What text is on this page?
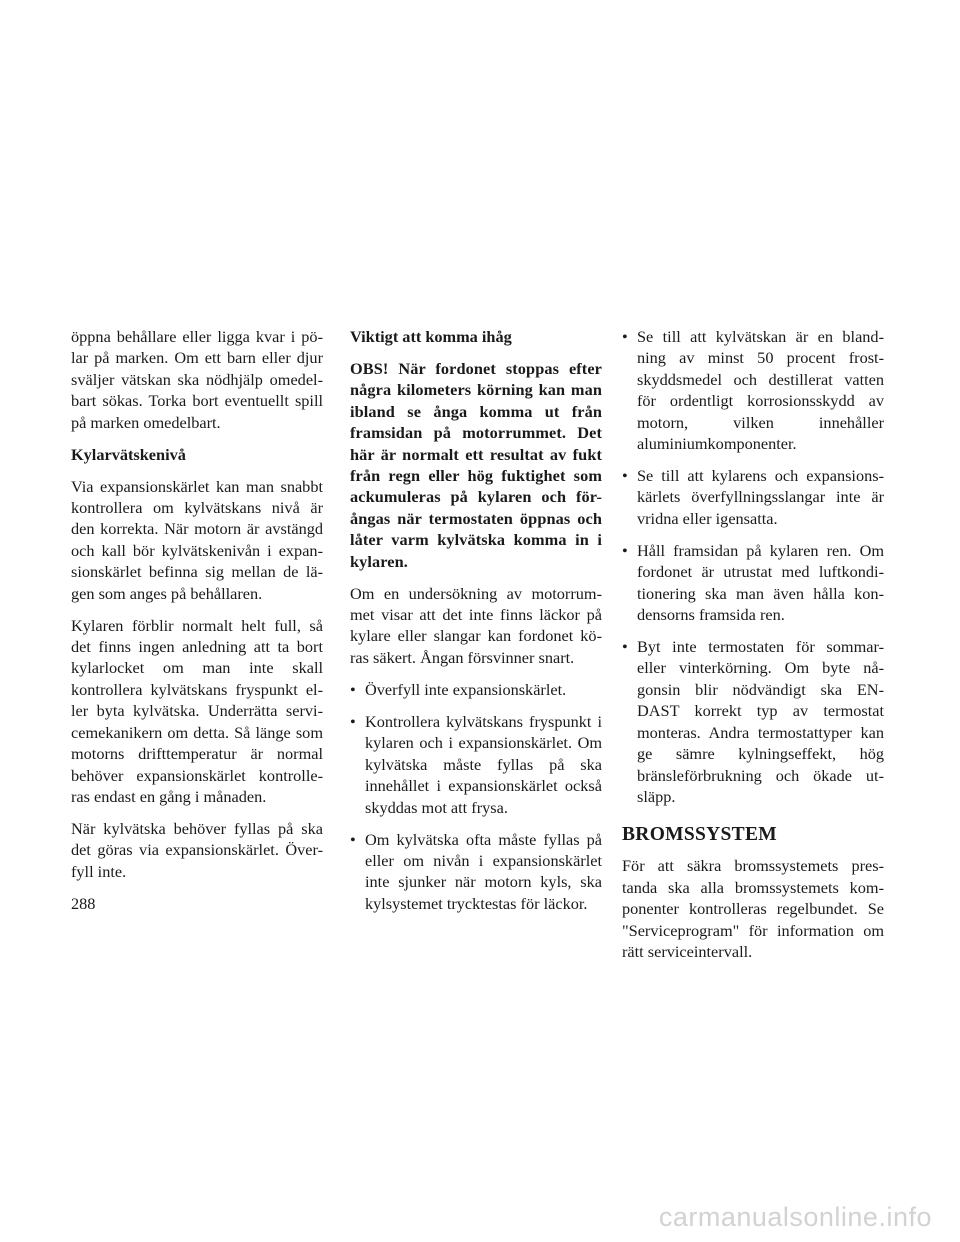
öppna behållare eller ligga kvar i pö- lar på marken. Om ett barn eller djur sväljer vätskan ska nödhjälp omedel- bart sökas. Torka bort eventuellt spill på marken omedelbart.

Kylarvätskenivå

Via expansionskärlet kan man snabbt kontrollera om kylvätskans nivå är den korrekta. När motorn är avstängd och kall bör kylvätskenivån i expan- sionskärlet befinna sig mellan de lä- gen som anges på behållaren.

Kylaren förblir normalt helt full, så det finns ingen anledning att ta bort kylarlocket om man inte skall kontrollera kylvätskans fryspunkt el- ler byta kylvätska. Underrätta servi- cemekanikern om detta. Så länge som motorns drifttemperatur är normal behöver expansionskärlet kontrolle- ras endast en gång i månaden.

När kylvätska behöver fyllas på ska det göras via expansionskärlet. Över- fyll inte.

Viktigt att komma ihåg

OBS! När fordonet stoppas efter några kilometers körning kan man ibland se ånga komma ut från framsidan på motorrummet. Det här är normalt ett resultat av fukt från regn eller hög fuktighet som ackumuleras på kylaren och för- ångas när termostaten öppnas och låter varm kylvätska komma in i kylaren.

Om en undersökning av motorrum- met visar att det inte finns läckor på kylare eller slangar kan fordonet kö- ras säkert. Ångan försvinner snart.

• Överfyll inte expansionskärlet.
• Kontrollera kylvätskans fryspunkt i kylaren och i expansionskärlet. Om kylvätska måste fyllas på ska innehållet i expansionskärlet också skyddas mot att frysa.
• Om kylvätska ofta måste fyllas på eller om nivån i expansionskärlet inte sjunker när motorn kyls, ska kylsystemet trycktestas för läckor.
• Se till att kylvätskan är en bland- ning av minst 50 procent frost- skyddsmedel och destillerat vatten för ordentligt korrosionsskydd av motorn, vilken innehåller aluminiumkomponenter.
• Se till att kylarens och expansions- kärlets överfyllningsslangar inte är vridna eller igensatta.
• Håll framsidan på kylaren ren. Om fordonet är utrustat med luftkondi- tionering ska man även hålla kon- densorns framsida ren.
• Byt inte termostaten för sommar- eller vinterkörning. Om byte nå- gonsin blir nödvändigt ska EN- DAST korrekt typ av termostat monteras. Andra termostattyper kan ge sämre kylningseffekt, hög bränsleförbrukning och ökade ut- släpp.
BROMSSYSTEM

För att säkra bromssystemets pres- tanda ska alla bromssystemets kom- ponenter kontrolleras regelbundet. Se "Serviceprogram" för information om rätt serviceintervall.

288
carmanualsonline.info
